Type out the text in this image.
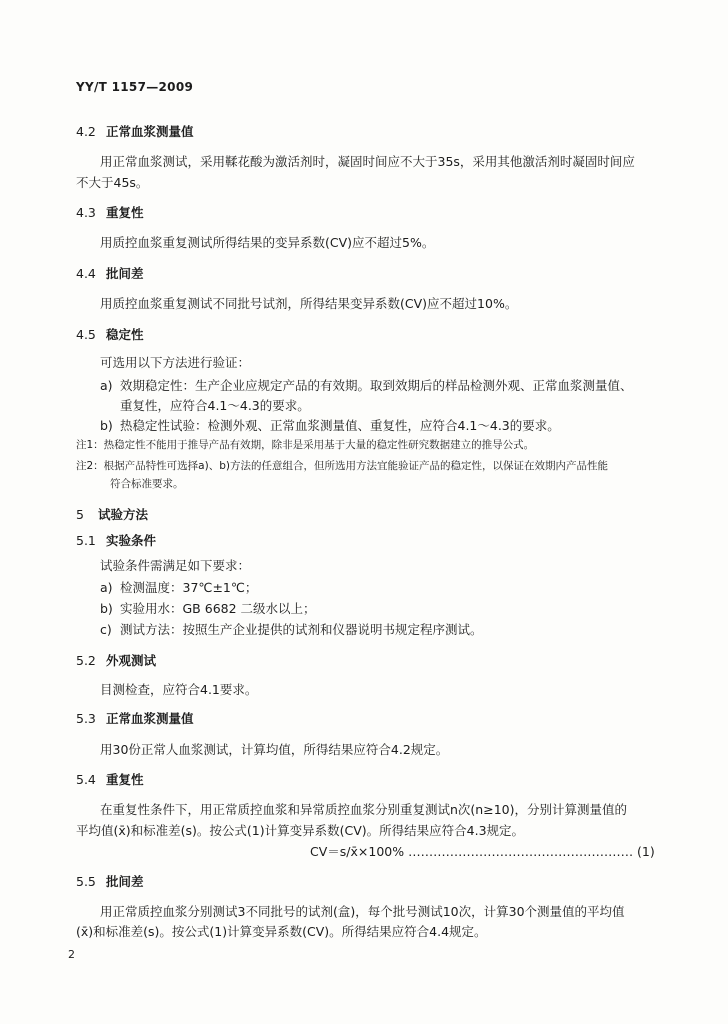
YY/T 1157—2009
4.2 正常血浆测量值
用正常血浆测试，采用鞣花酸为激活剂时，凝固时间应不大于35s，采用其他激活剂时凝固时间应
不大于45s。
4.3 重复性
用质控血浆重复测试所得结果的变异系数(CV)应不超过5%。
4.4 批间差
用质控血浆重复测试不同批号试剂，所得结果变异系数(CV)应不超过10%。
4.5 稳定性
可选用以下方法进行验证：
a) 效期稳定性：生产企业应规定产品的有效期。取到效期后的样品检测外观、正常血浆测量值、
重复性，应符合4.1～4.3的要求。
b) 热稳定性试验：检测外观、正常血浆测量值、重复性，应符合4.1～4.3的要求。
注1：热稳定性不能用于推导产品有效期，除非是采用基于大量的稳定性研究数据建立的推导公式。
注2：根据产品特性可选择a)、b)方法的任意组合，但所选用方法宜能验证产品的稳定性，以保证在效期内产品性能
符合标准要求。
5 试验方法
5.1 实验条件
试验条件需满足如下要求：
a) 检测温度：37℃±1℃；
b) 实验用水：GB 6682 二级水以上；
c) 测试方法：按照生产企业提供的试剂和仪器说明书规定程序测试。
5.2 外观测试
目测检查，应符合4.1要求。
5.3 正常血浆测量值
用30份正常人血浆测试，计算均值，所得结果应符合4.2规定。
5.4 重复性
在重复性条件下，用正常质控血浆和异常质控血浆分别重复测试n次(n≥10)，分别计算测量值的
平均值(x̄)和标准差(s)。按公式(1)计算变异系数(CV)。所得结果应符合4.3规定。
CV＝s/x̄×100% ……………………………………………… (1)
5.5 批间差
用正常质控血浆分别测试3不同批号的试剂(盒)，每个批号测试10次，计算30个测量值的平均值
(x̄)和标准差(s)。按公式(1)计算变异系数(CV)。所得结果应符合4.4规定。
2
